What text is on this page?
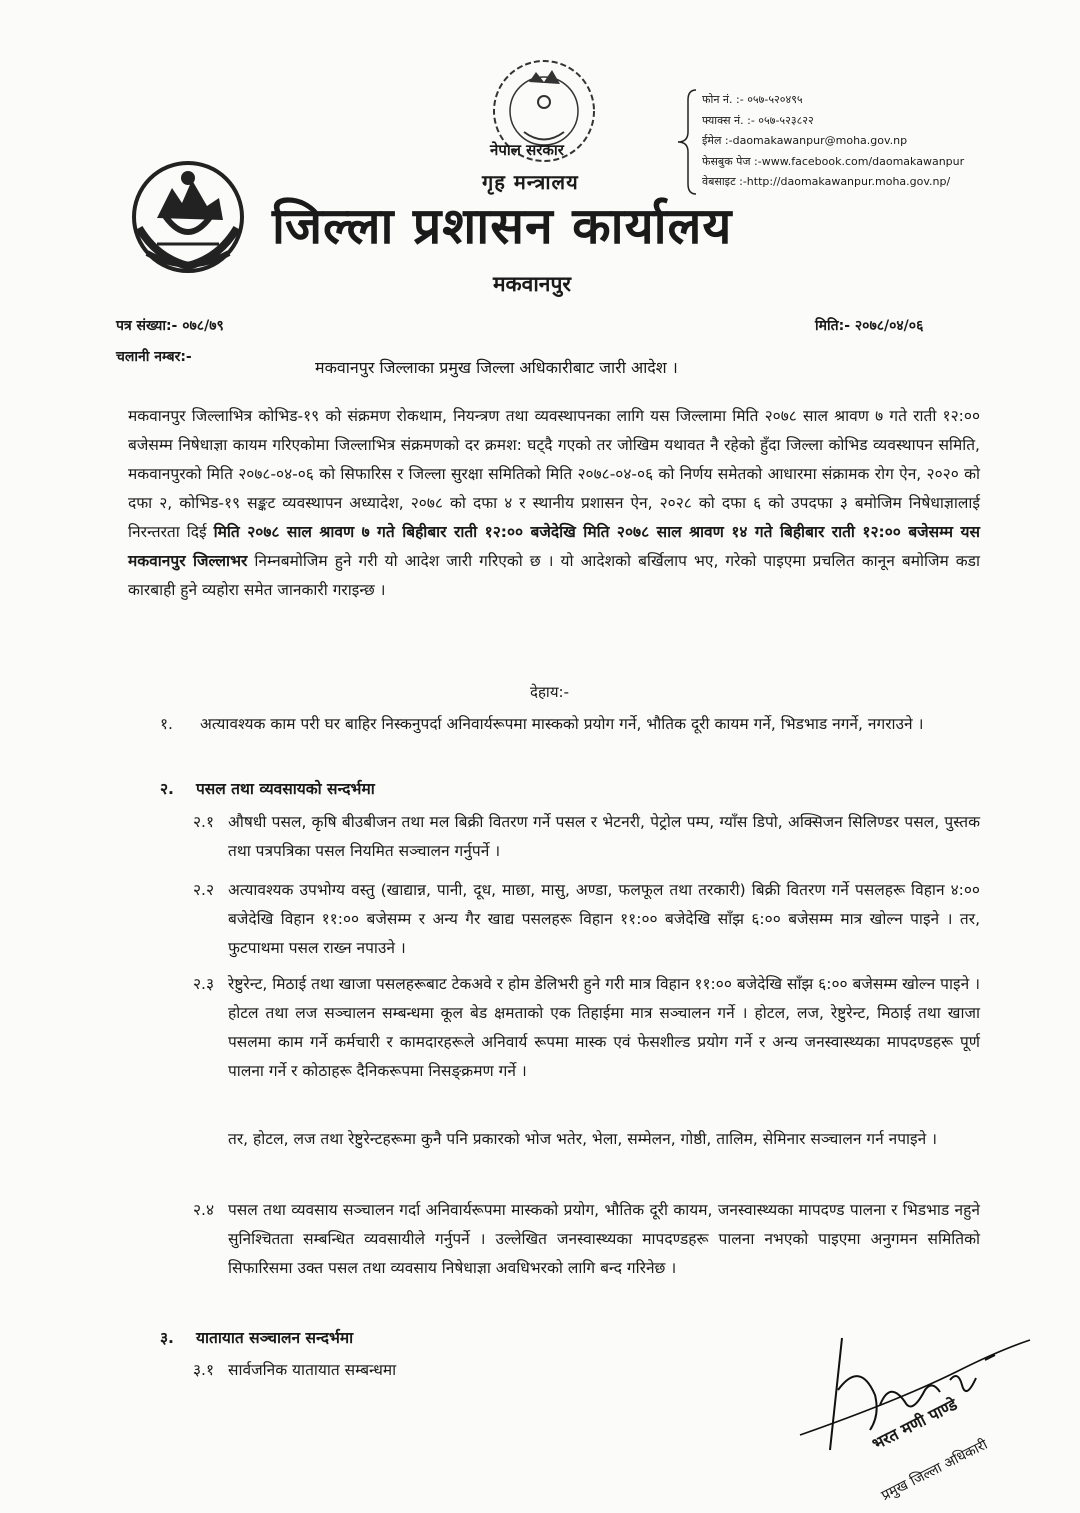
नेपाल सरकार
गृह मन्त्रालय
जिल्ला प्रशासन कार्यालय
मकवानपुर
फोन नं. :- ०५७-५२०४९५
फ्याक्स नं. :- ०५७-५२३८२२
ईमेल :-daomakawanpur@moha.gov.np
फेसबुक पेज :-www.facebook.com/daomakawanpur
वेबसाइट :-http://daomakawanpur.moha.gov.np/
पत्र संख्या:- ०७८/७९	मिति:- २०७८/०४/०६
चलानी नम्बर:-
मकवानपुर जिल्लाका प्रमुख जिल्ला अधिकारीबाट जारी आदेश ।
मकवानपुर जिल्लाभित्र कोभिड-१९ को संक्रमण रोकथाम, नियन्त्रण तथा व्यवस्थापनका लागि यस जिल्लामा मिति २०७८ साल श्रावण ७ गते राती १२:०० बजेसम्म निषेधाज्ञा कायम गरिएकोमा जिल्लाभित्र संक्रमणको दर क्रमश: घट्दै गएको तर जोखिम यथावत नै रहेको हुँदा जिल्ला कोभिड व्यवस्थापन समिति, मकवानपुरको मिति २०७८-०४-०६ को सिफारिस र जिल्ला सुरक्षा समितिको मिति २०७८-०४-०६ को निर्णय समेतको आधारमा संक्रामक रोग ऐन, २०२० को दफा २, कोभिड-१९ सङ्कट व्यवस्थापन अध्यादेश, २०७८ को दफा ४ र स्थानीय प्रशासन ऐन, २०२८ को दफा ६ को उपदफा ३ बमोजिम निषेधाज्ञालाई निरन्तरता दिई मिति २०७८ साल श्रावण ७ गते बिहीबार राती १२:०० बजेदेखि मिति २०७८ साल श्रावण १४ गते बिहीबार राती १२:०० बजेसम्म यस मकवानपुर जिल्लाभर निम्नबमोजिम हुने गरी यो आदेश जारी गरिएको छ । यो आदेशको बर्खिलाप भए, गरेको पाइएमा प्रचलित कानून बमोजिम कडा कारबाही हुने व्यहोरा समेत जानकारी गराइन्छ ।
देहाय:-
१. अत्यावश्यक काम परी घर बाहिर निस्कनुपर्दा अनिवार्यरूपमा मास्कको प्रयोग गर्ने, भौतिक दूरी कायम गर्ने, भिडभाड नगर्ने, नगराउने ।
२. पसल तथा व्यवसायको सन्दर्भमा
२.१ औषधी पसल, कृषि बीउबीजन तथा मल बिक्री वितरण गर्ने पसल र भेटनरी, पेट्रोल पम्प, ग्याँस डिपो, अक्सिजन सिलिण्डर पसल, पुस्तक तथा पत्रपत्रिका पसल नियमित सञ्चालन गर्नुपर्ने ।
२.२ अत्यावश्यक उपभोग्य वस्तु (खाद्यान्न, पानी, दूध, माछा, मासु, अण्डा, फलफूल तथा तरकारी) बिक्री वितरण गर्ने पसलहरू विहान ४:०० बजेदेखि विहान ११:०० बजेसम्म र अन्य गैर खाद्य पसलहरू विहान ११:०० बजेदेखि साँझ ६:०० बजेसम्म मात्र खोल्न पाइने । तर, फुटपाथमा पसल राख्न नपाउने ।
२.३ रेष्टुरेन्ट, मिठाई तथा खाजा पसलहरूबाट टेकअवे र होम डेलिभरी हुने गरी मात्र विहान ११:०० बजेदेखि साँझ ६:०० बजेसम्म खोल्न पाइने । होटल तथा लज सञ्चालन सम्बन्धमा कूल बेड क्षमताको एक तिहाईमा मात्र सञ्चालन गर्ने । होटल, लज, रेष्टुरेन्ट, मिठाई तथा खाजा पसलमा काम गर्ने कर्मचारी र कामदारहरूले अनिवार्य रूपमा मास्क एवं फेसशील्ड प्रयोग गर्ने र अन्य जनस्वास्थ्यका मापदण्डहरू पूर्ण पालना गर्ने र कोठाहरू दैनिकरूपमा निसङ्क्रमण गर्ने ।
तर, होटल, लज तथा रेष्टुरेन्टहरूमा कुनै पनि प्रकारको भोज भतेर, भेला, सम्मेलन, गोष्ठी, तालिम, सेमिनार सञ्चालन गर्न नपाइने ।
२.४ पसल तथा व्यवसाय सञ्चालन गर्दा अनिवार्यरूपमा मास्कको प्रयोग, भौतिक दूरी कायम, जनस्वास्थ्यका मापदण्ड पालना र भिडभाड नहुने सुनिश्चितता सम्बन्धित व्यवसायीले गर्नुपर्ने । उल्लेखित जनस्वास्थ्यका मापदण्डहरू पालना नभएको पाइएमा अनुगमन समितिको सिफारिसमा उक्त पसल तथा व्यवसाय निषेधाज्ञा अवधिभरको लागि बन्द गरिनेछ ।
३. यातायात सञ्चालन सन्दर्भमा
३.१ सार्वजनिक यातायात सम्बन्धमा
भरत मणी पाण्डे
प्रमुख जिल्ला अधिकारी
